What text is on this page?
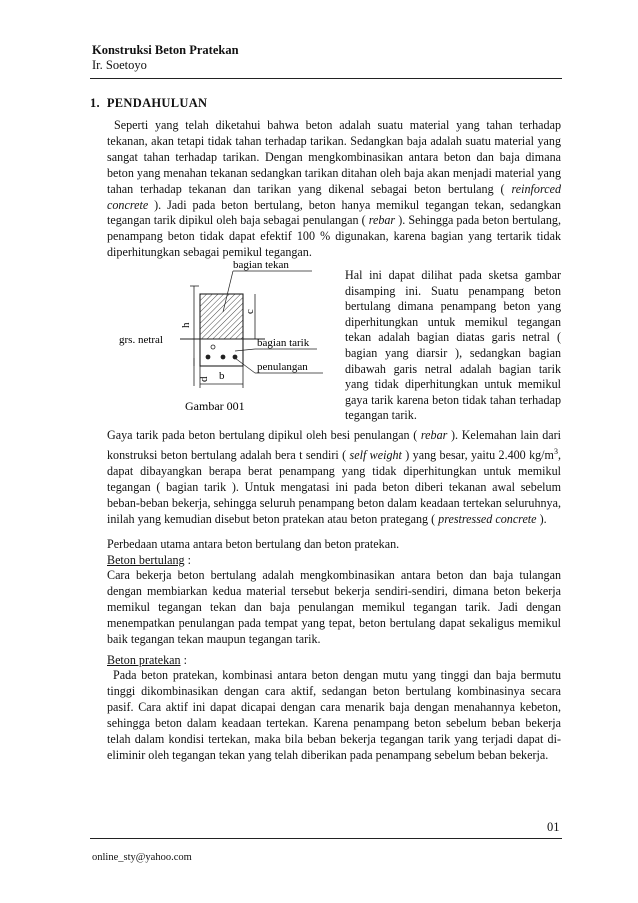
Konstruksi Beton Pratekan
Ir. Soetoyo
1. PENDAHULUAN
Seperti yang telah diketahui bahwa beton adalah suatu material yang tahan terhadap tekanan, akan tetapi tidak tahan terhadap tarikan. Sedangkan baja adalah suatu material yang sangat tahan terhadap tarikan. Dengan mengkombinasikan antara beton dan baja dimana beton yang menahan tekanan sedangkan tarikan ditahan oleh baja akan menjadi material yang tahan terhadap tekanan dan tarikan yang dikenal sebagai beton bertulang ( reinforced concrete ). Jadi pada beton bertulang, beton hanya memikul tegangan tekan, sedangkan tegangan tarik dipikul oleh baja sebagai penulangan ( rebar ). Sehingga pada beton bertulang, penampang beton tidak dapat efektif 100 % digunakan, karena bagian yang tertarik tidak diperhitungkan sebagai pemikul tegangan.
h
c
d b
bagian tekan
grs. netral	bagian tarik
penulangan
Gambar 001
Hal ini dapat dilihat pada sketsa gambar disamping ini. Suatu penampang beton bertulang dimana penampang beton yang diperhitungkan untuk memikul tegangan tekan adalah bagian diatas garis netral ( bagian yang diarsir ), sedangkan bagian dibawah garis netral adalah bagian tarik yang tidak diperhitungkan untuk memikul gaya tarik karena beton tidak tahan terhadap tegangan tarik.
Gaya tarik pada beton bertulang dipikul oleh besi penulangan ( rebar ). Kelemahan lain dari konstruksi beton bertulang adalah bera t sendiri ( self weight ) yang besar, yaitu 2.400 $kg/m^3$, dapat dibayangkan berapa berat penampang yang tidak diperhitungkan untuk memikul tegangan ( bagian tarik ). Untuk mengatasi ini pada beton diberi tekanan awal sebelum beban-beban bekerja, sehingga seluruh penampang beton dalam keadaan tertekan seluruhnya, inilah yang kemudian disebut beton pratekan atau beton prategang ( prestressed concrete ).
Perbedaan utama antara beton bertulang dan beton pratekan.
Beton bertulang :
Cara bekerja beton bertulang adalah mengkombinasikan antara beton dan baja tulangan dengan membiarkan kedua material tersebut bekerja sendiri-sendiri, dimana beton bekerja memikul tegangan tekan dan baja penulangan memikul tegangan tarik. Jadi dengan menempatkan penulangan pada tempat yang tepat, beton bertulang dapat sekaligus memikul baik tegangan tekan maupun tegangan tarik.
Beton pratekan :
Pada beton pratekan, kombinasi antara beton dengan mutu yang tinggi dan baja bermutu tinggi dikombinasikan dengan cara aktif, sedangan beton bertulang kombinasinya secara pasif. Cara aktif ini dapat dicapai dengan cara menarik baja dengan menahannya kebeton, sehingga beton dalam keadaan tertekan. Karena penampang beton sebelum beban bekerja telah dalam kondisi tertekan, maka bila beban bekerja tegangan tarik yang terjadi dapat di-eliminir oleh tegangan tekan yang telah diberikan pada penampang sebelum beban bekerja.
01
online_sty@yahoo.com
